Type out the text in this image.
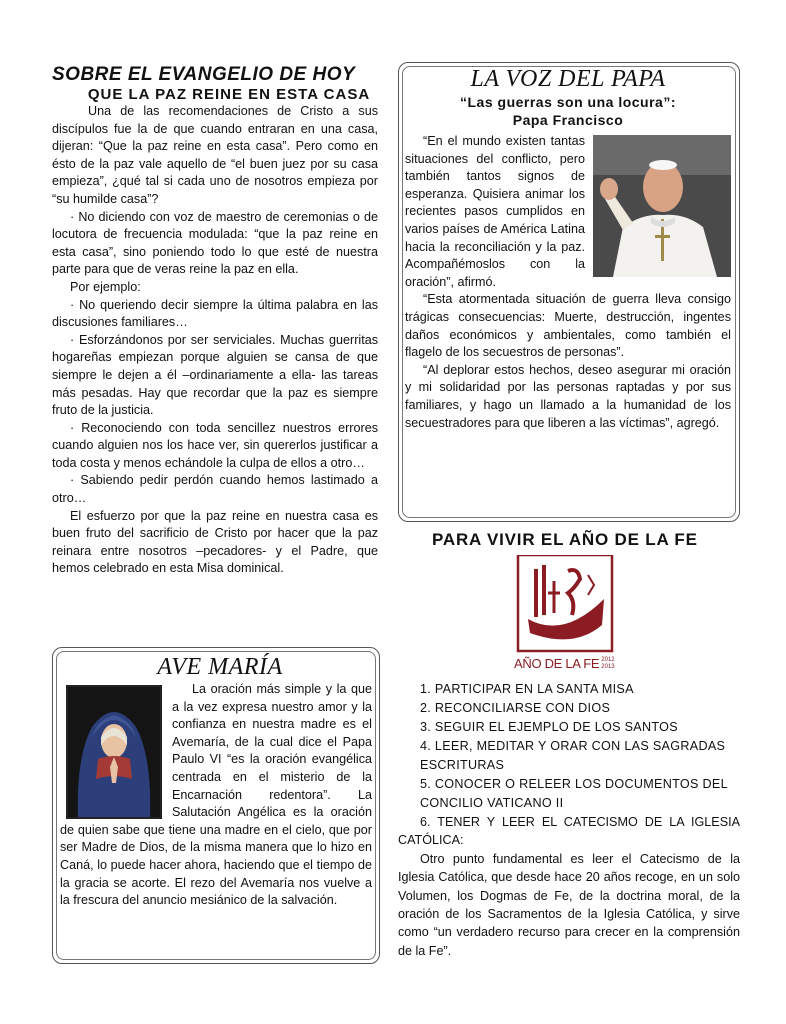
SOBRE EL EVANGELIO DE HOY
QUE LA PAZ REINE EN ESTA CASA

Una de las recomendaciones de Cristo a sus discípulos fue la de que cuando entraran en una casa, dijeran: “Que la paz reine en esta casa”. Pero como en ésto de la paz vale aquello de “el buen juez por su casa empieza”, ¿qué tal si cada uno de nosotros empieza por “su humilde casa”?

· No diciendo con voz de maestro de ceremonias o de locutora de frecuencia modulada: “que la paz reine en esta casa”, sino poniendo todo lo que esté de nuestra parte para que de veras reine la paz en ella.

Por ejemplo:

· No queriendo decir siempre la última palabra en las discusiones familiares…

· Esforzándonos por ser serviciales. Muchas guerritas hogareñas empiezan porque alguien se cansa de que siempre le dejen a él –ordinariamente a ella- las tareas más pesadas. Hay que recordar que la paz es siempre fruto de la justicia.

· Reconociendo con toda sencillez nuestros errores cuando alguien nos los hace ver, sin quererlos justificar a toda costa y menos echándole la culpa de ellos a otro…

· Sabiendo pedir perdón cuando hemos lastimado a otro…

El esfuerzo por que la paz reine en nuestra casa es buen fruto del sacrificio de Cristo por hacer que la paz reinara entre nosotros –pecadores- y el Padre, que hemos celebrado en esta Misa dominical.

LA VOZ DEL PAPA
“Las guerras son una locura”:
Papa Francisco

“En el mundo existen tantas situaciones del conflicto, pero también tantos signos de esperanza. Quisiera animar los recientes pasos cumplidos en varios países de América Latina hacia la reconciliación y la paz. Acompañémoslos con la oración”, afirmó.

“Esta atormentada situación de guerra lleva consigo trágicas consecuencias: Muerte, destrucción, ingentes daños económicos y ambientales, como también el flagelo de los secuestros de personas”.

“Al deplorar estos hechos, deseo asegurar mi oración y mi solidaridad por las personas raptadas y por sus familiares, y hago un llamado a la humanidad de los secuestradores para que liberen a las víctimas”, agregó.

AVE MARÍA

La oración más simple y la que a la vez expresa nuestro amor y la confianza en nuestra madre es el Avemaría, de la cual dice el Papa Paulo VI “es la oración evangélica centrada en el misterio de la Encarnación redentora”. La Salutación Angélica es la oración de quien sabe que tiene una madre en el cielo, que por ser Madre de Dios, de la misma manera que lo hizo en Caná, lo puede hacer ahora, haciendo que el tiempo de la gracia se acorte. El rezo del Avemaría nos vuelve a la frescura del anuncio mesiánico de la salvación.

PARA VIVIR EL AÑO DE LA FE
AÑO DE LA FE 2012
2013

1. PARTICIPAR EN LA SANTA MISA

2. RECONCILIARSE CON DIOS

3. SEGUIR EL EJEMPLO DE LOS SANTOS

4. LEER, MEDITAR Y ORAR CON LAS SAGRADAS ESCRITURAS

5. CONOCER O RELEER LOS DOCUMENTOS DEL CONCILIO VATICANO II

6. TENER Y LEER EL CATECISMO DE LA IGLESIA CATÓLICA:

Otro punto fundamental es leer el Catecismo de la Iglesia Católica, que desde hace 20 años recoge, en un solo Volumen, los Dogmas de Fe, de la doctrina moral, de la oración de los Sacramentos de la Iglesia Católica, y sirve como “un verdadero recurso para crecer en la comprensión de la Fe”.
